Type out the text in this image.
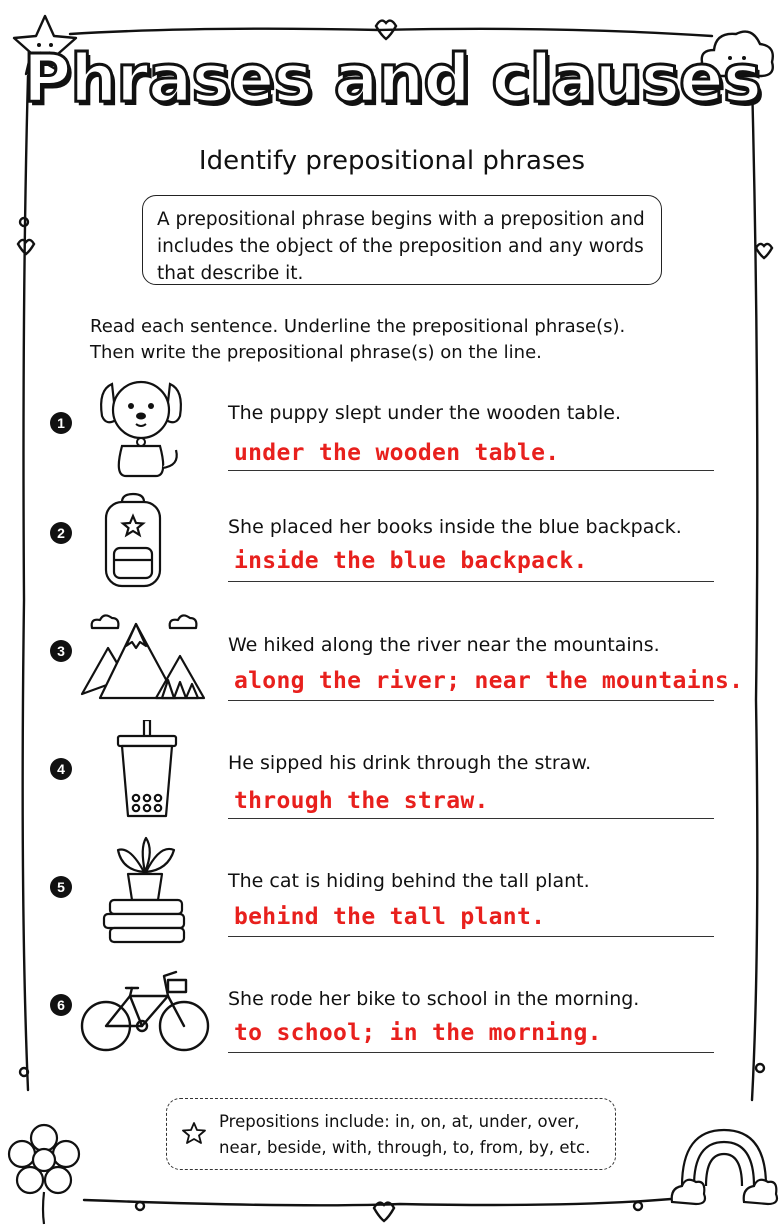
Phrases and clauses
Identify prepositional phrases
A prepositional phrase begins with a preposition and
includes the object of the preposition and any words
that describe it.
Read each sentence. Underline the prepositional phrase(s).
Then write the prepositional phrase(s) on the line.
1	The puppy slept under the wooden table.
under the wooden table.
2	She placed her books inside the blue backpack.
inside the blue backpack.
3	We hiked along the river near the mountains.
along the river; near the mountains.
4	He sipped his drink through the straw.
through the straw.
5	The cat is hiding behind the tall plant.
behind the tall plant.
6	She rode her bike to school in the morning.
to school; in the morning.
Prepositions include: in, on, at, under, over,
near, beside, with, through, to, from, by, etc.
